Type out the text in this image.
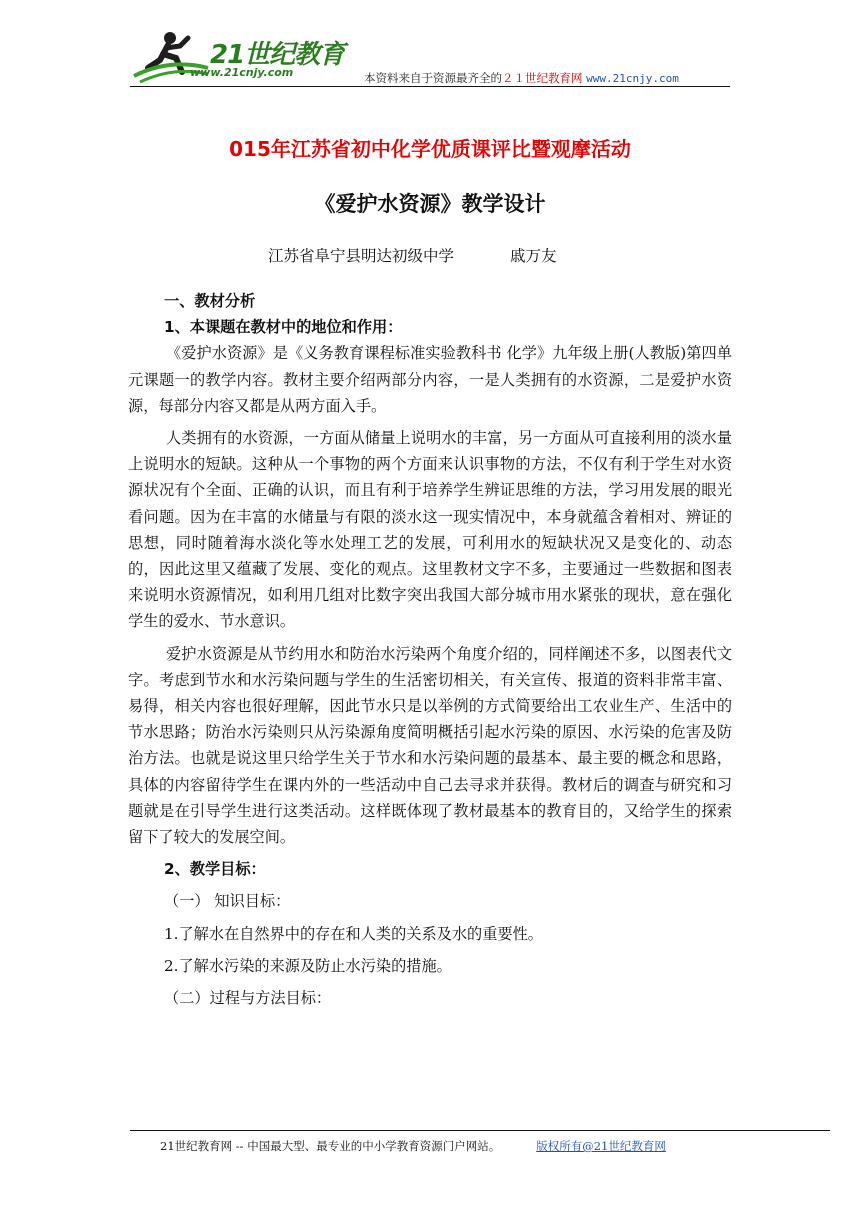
21世纪教育
www.21cnjy.com	本资料来自于资源最齐全的２１世纪教育网 www.21cnjy.com
015年江苏省初中化学优质课评比暨观摩活动
《爱护水资源》教学设计
江苏省阜宁县明达初级中学	戚万友
一、教材分析
1、本课题在教材中的地位和作用：
《爱护水资源》是《义务教育课程标准实验教科书 化学》九年级上册(人教版)第四单元课题一的教学内容。教材主要介绍两部分内容，一是人类拥有的水资源，二是爱护水资源，每部分内容又都是从两方面入手。
人类拥有的水资源，一方面从储量上说明水的丰富，另一方面从可直接利用的淡水量上说明水的短缺。这种从一个事物的两个方面来认识事物的方法，不仅有利于学生对水资源状况有个全面、正确的认识，而且有利于培养学生辨证思维的方法，学习用发展的眼光看问题。因为在丰富的水储量与有限的淡水这一现实情况中，本身就蕴含着相对、辨证的思想，同时随着海水淡化等水处理工艺的发展，可利用水的短缺状况又是变化的、动态的，因此这里又蕴藏了发展、变化的观点。这里教材文字不多，主要通过一些数据和图表来说明水资源情况，如利用几组对比数字突出我国大部分城市用水紧张的现状，意在强化学生的爱水、节水意识。
爱护水资源是从节约用水和防治水污染两个角度介绍的，同样阐述不多，以图表代文字。考虑到节水和水污染问题与学生的生活密切相关，有关宣传、报道的资料非常丰富、易得，相关内容也很好理解，因此节水只是以举例的方式简要给出工农业生产、生活中的节水思路；防治水污染则只从污染源角度简明概括引起水污染的原因、水污染的危害及防治方法。也就是说这里只给学生关于节水和水污染问题的最基本、最主要的概念和思路，具体的内容留待学生在课内外的一些活动中自己去寻求并获得。教材后的调查与研究和习题就是在引导学生进行这类活动。这样既体现了教材最基本的教育目的，又给学生的探索留下了较大的发展空间。
2、教学目标：
（一） 知识目标：
1.了解水在自然界中的存在和人类的关系及水的重要性。
2.了解水污染的来源及防止水污染的措施。
（二）过程与方法目标：
21世纪教育网 -- 中国最大型、最专业的中小学教育资源门户网站。	版权所有@21世纪教育网
